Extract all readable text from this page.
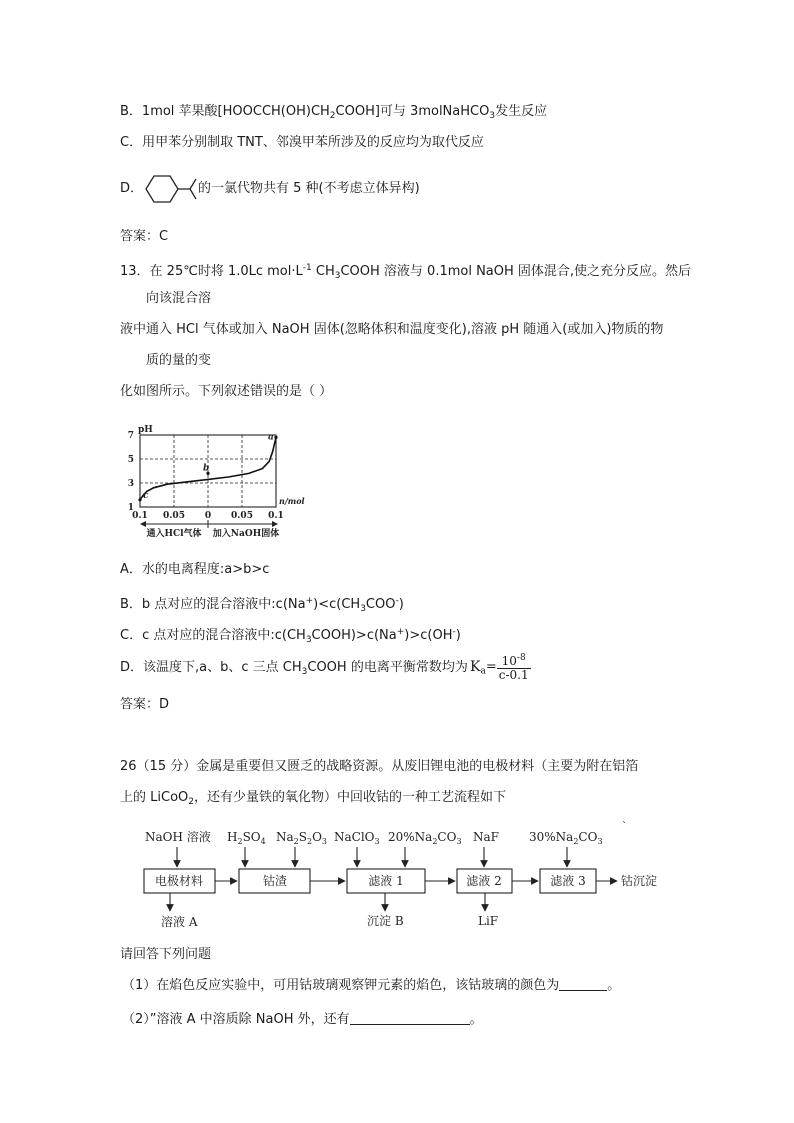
B．1mol 苹果酸$[HOOCCH(OH)CH_2COOH]$可与 3molNaHCO$_3$发生反应
C．用甲苯分别制取 TNT、邻溴甲苯所涉及的反应均为取代反应
D．	的一氯代物共有 5 种(不考虑立体异构)
答案：C
13．在 25℃时将 1.0Lc $mol\cdot L^{-1}$ $CH_3COOH$ 溶液与 0.1mol NaOH 固体混合,使之充分反应。然后
向该混合溶
液中通入 HCl 气体或加入 NaOH 固体(忽略体积和温度变化),溶液 pH 随通入(或加入)物质的物
质的量的变
化如图所示。下列叙述错误的是（ ）
pH
1
3
5
7
n/mol
0.1 0.05 0 0.05 0.1
a
b
c
通入HCl气体 加入NaOH固体
A．水的电离程度:a>b>c
B．b 点对应的混合溶液中$:c(Na^+)<c(CH_3COO^-)$
C．c 点对应的混合溶液中$:c(CH_3COOH)>c(Na^+)>c(OH^-)$
D．该温度下,a、b、c 三点 $CH_3COOH$ 的电离平衡常数均为 $K_a= \frac{10^{-8}}{c-0.1}$
答案：D
26（15 分）金属是重要但又匮乏的战略资源。从废旧锂电池的电极材料（主要为附在铝箔
上的 LiCoO$_2$，还有少量铁的氧化物）中回收钴的一种工艺流程如下
`
NaOH 溶液 $H_2SO_4$ $Na_2S_2O_3$ NaClO$_3$ $20\%Na_2CO_3$ NaF	$30\%Na_2CO_3$
电极材料	钴渣	滤液 1	滤液 2	滤液 3	钴沉淀
溶液 A	沉淀 B	LiF
请回答下列问题
（1）在焰色反应实验中，可用钴玻璃观察钾元素的焰色，该钴玻璃的颜色为	。
（2）”溶液 A 中溶质除 NaOH 外，还有	。
